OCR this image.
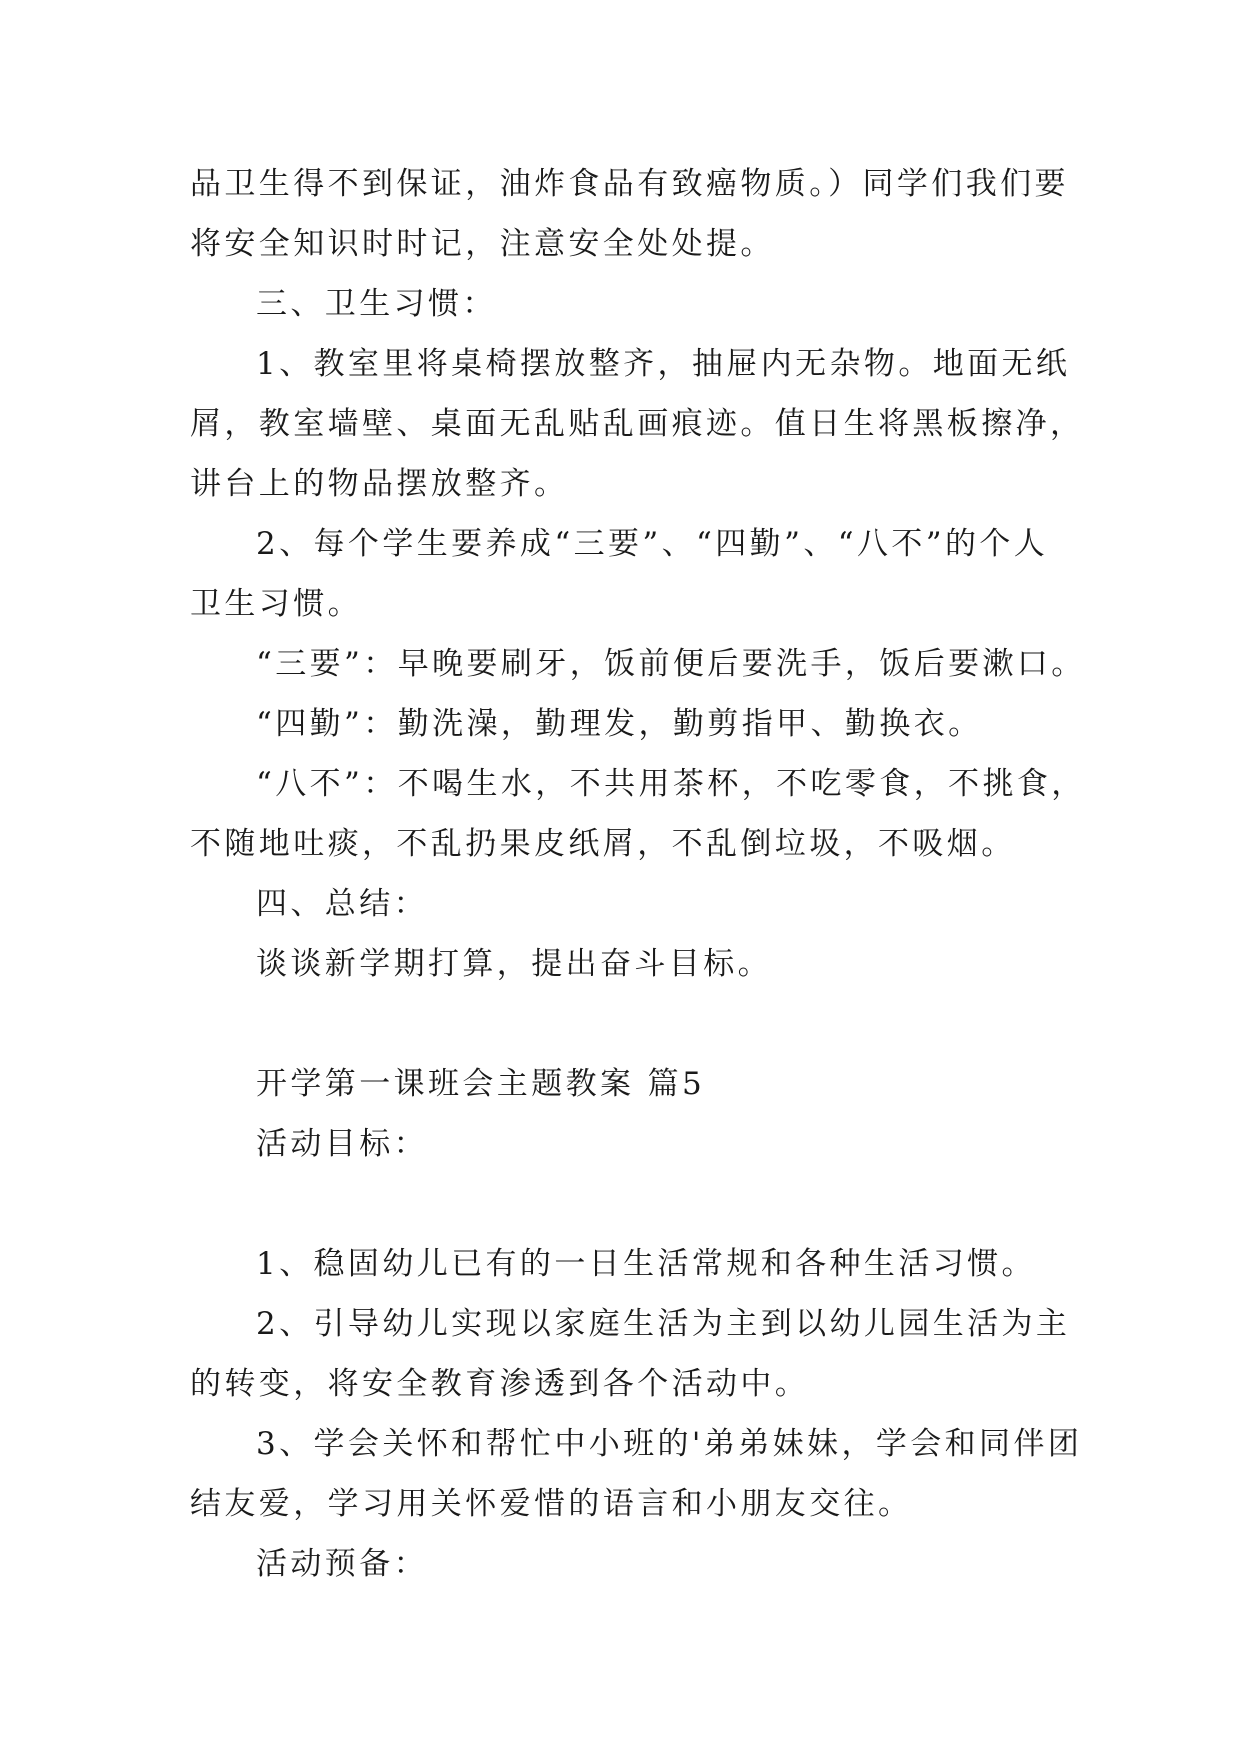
品卫生得不到保证，油炸食品有致癌物质。）同学们我们要
将安全知识时时记，注意安全处处提。
三、卫生习惯：
1、教室里将桌椅摆放整齐，抽屉内无杂物。地面无纸
屑，教室墙壁、桌面无乱贴乱画痕迹。值日生将黑板擦净，
讲台上的物品摆放整齐。
2、每个学生要养成“三要”、“四勤”、“八不”的个人
卫生习惯。
“三要”：早晚要刷牙，饭前便后要洗手，饭后要漱口。
“四勤”：勤洗澡，勤理发，勤剪指甲、勤换衣。
“八不”：不喝生水，不共用茶杯，不吃零食，不挑食，
不随地吐痰，不乱扔果皮纸屑，不乱倒垃圾，不吸烟。
四、总结：
谈谈新学期打算，提出奋斗目标。
开学第一课班会主题教案 篇5
活动目标：
1、稳固幼儿已有的一日生活常规和各种生活习惯。
2、引导幼儿实现以家庭生活为主到以幼儿园生活为主
的转变，将安全教育渗透到各个活动中。
3、学会关怀和帮忙中小班的'弟弟妹妹，学会和同伴团
结友爱，学习用关怀爱惜的语言和小朋友交往。
活动预备：
